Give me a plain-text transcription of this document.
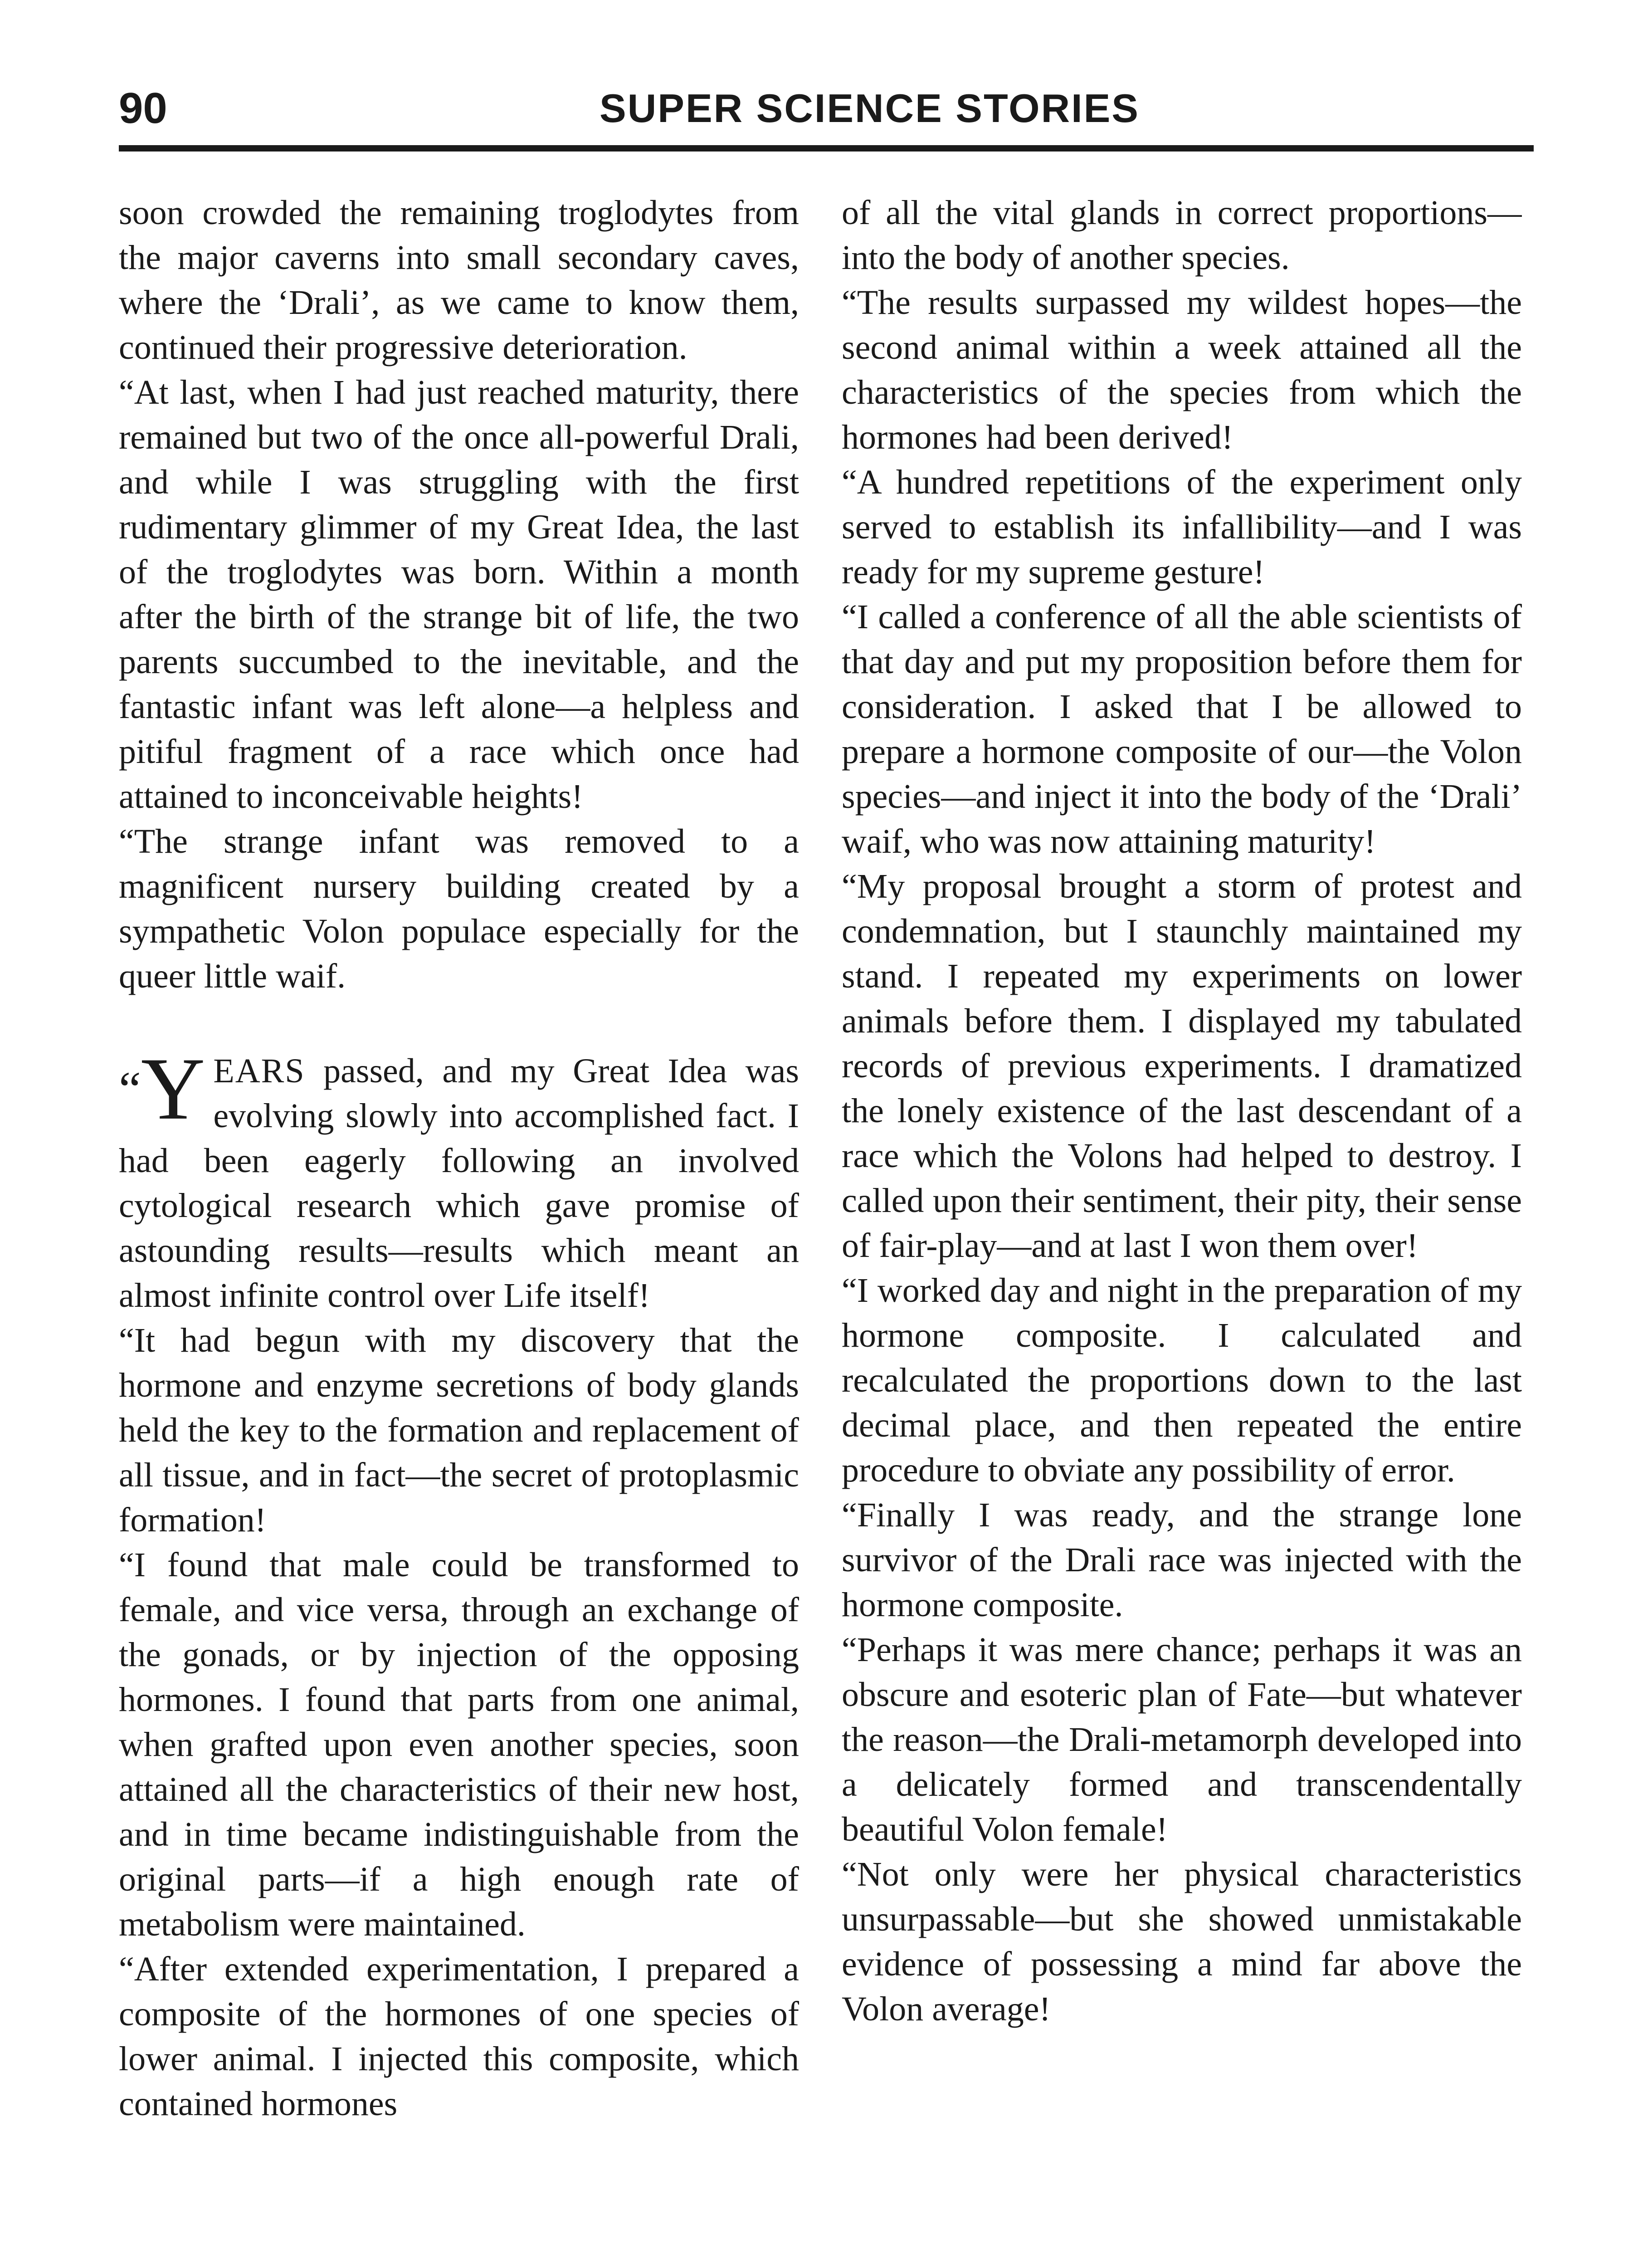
90	SUPER SCIENCE STORIES

soon crowded the remaining troglodytes from the major caverns into small secondary caves, where the ‘Drali’, as we came to know them, continued their progressive deterioration.

“At last, when I had just reached maturity, there remained but two of the once all-powerful Drali, and while I was struggling with the first rudimentary glimmer of my Great Idea, the last of the troglodytes was born. Within a month after the birth of the strange bit of life, the two parents succumbed to the inevitable, and the fantastic infant was left alone—a helpless and pitiful fragment of a race which once had attained to inconceivable heights!

“The strange infant was removed to a magnificent nursery building created by a sympathetic Volon populace especially for the queer little waif.

“Y EARS passed, and my Great Idea was evolving slowly into accomplished fact. I had been eagerly following an involved cytological research which gave promise of astounding results—results which meant an almost infinite control over Life itself!

“It had begun with my discovery that the hormone and enzyme secretions of body glands held the key to the formation and replacement of all tissue, and in fact—the secret of protoplasmic formation!

“I found that male could be transformed to female, and vice versa, through an exchange of the gonads, or by injection of the opposing hormones. I found that parts from one animal, when grafted upon even another species, soon attained all the characteristics of their new host, and in time became indistinguishable from the original parts—if a high enough rate of metabolism were maintained.

“After extended experimentation, I prepared a composite of the hormones of one species of lower animal. I injected this composite, which contained hormones

of all the vital glands in correct proportions—into the body of another species.

“The results surpassed my wildest hopes—the second animal within a week attained all the characteristics of the species from which the hormones had been derived!

“A hundred repetitions of the experiment only served to establish its infallibility—and I was ready for my supreme gesture!

“I called a conference of all the able scientists of that day and put my proposition before them for consideration. I asked that I be allowed to prepare a hormone composite of our—the Volon species—and inject it into the body of the ‘Drali’ waif, who was now attaining maturity!

“My proposal brought a storm of protest and condemnation, but I staunchly maintained my stand. I repeated my experiments on lower animals before them. I displayed my tabulated records of previous experiments. I dramatized the lonely existence of the last descendant of a race which the Volons had helped to destroy. I called upon their sentiment, their pity, their sense of fair-play—and at last I won them over!

“I worked day and night in the preparation of my hormone composite. I calculated and recalculated the proportions down to the last decimal place, and then repeated the entire procedure to obviate any possibility of error.

“Finally I was ready, and the strange lone survivor of the Drali race was injected with the hormone composite.

“Perhaps it was mere chance; perhaps it was an obscure and esoteric plan of Fate—but whatever the reason—the Drali-metamorph developed into a delicately formed and transcendentally beautiful Volon female!

“Not only were her physical characteristics unsurpassable—but she showed unmistakable evidence of possessing a mind far above the Volon average!
